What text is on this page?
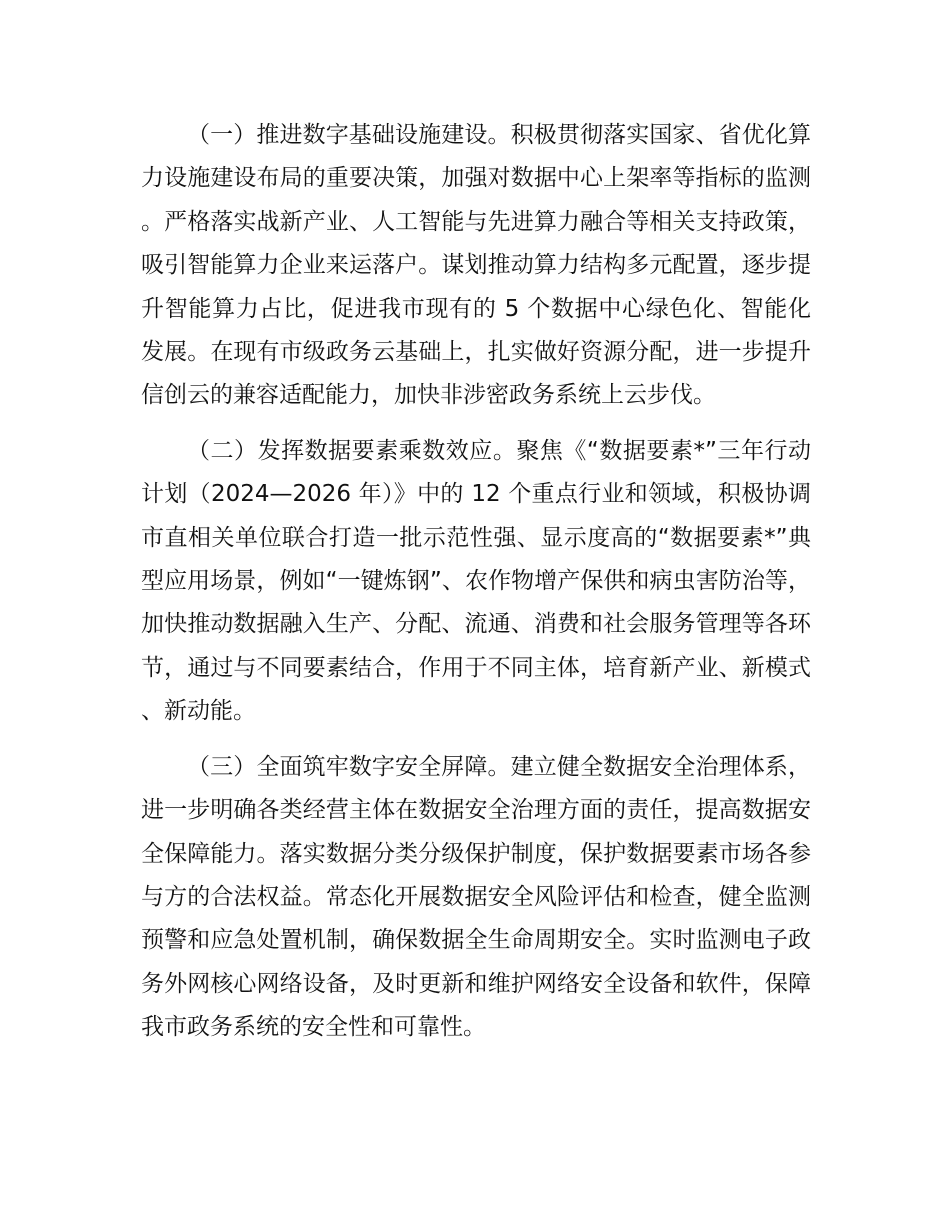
（一）推进数字基础设施建设。积极贯彻落实国家、省优化算力设施建设布局的重要决策，加强对数据中心上架率等指标的监测。严格落实战新产业、人工智能与先进算力融合等相关支持政策，吸引智能算力企业来运落户。谋划推动算力结构多元配置，逐步提升智能算力占比，促进我市现有的 5 个数据中心绿色化、智能化发展。在现有市级政务云基础上，扎实做好资源分配，进一步提升信创云的兼容适配能力，加快非涉密政务系统上云步伐。

（二）发挥数据要素乘数效应。聚焦《“数据要素*”三年行动计划（2024—2026 年）》中的 12 个重点行业和领域，积极协调市直相关单位联合打造一批示范性强、显示度高的“数据要素*”典型应用场景，例如“一键炼钢”、农作物增产保供和病虫害防治等，加快推动数据融入生产、分配、流通、消费和社会服务管理等各环节，通过与不同要素结合，作用于不同主体，培育新产业、新模式、新动能。

（三）全面筑牢数字安全屏障。建立健全数据安全治理体系，进一步明确各类经营主体在数据安全治理方面的责任，提高数据安全保障能力。落实数据分类分级保护制度，保护数据要素市场各参与方的合法权益。常态化开展数据安全风险评估和检查，健全监测预警和应急处置机制，确保数据全生命周期安全。实时监测电子政务外网核心网络设备，及时更新和维护网络安全设备和软件，保障我市政务系统的安全性和可靠性。
